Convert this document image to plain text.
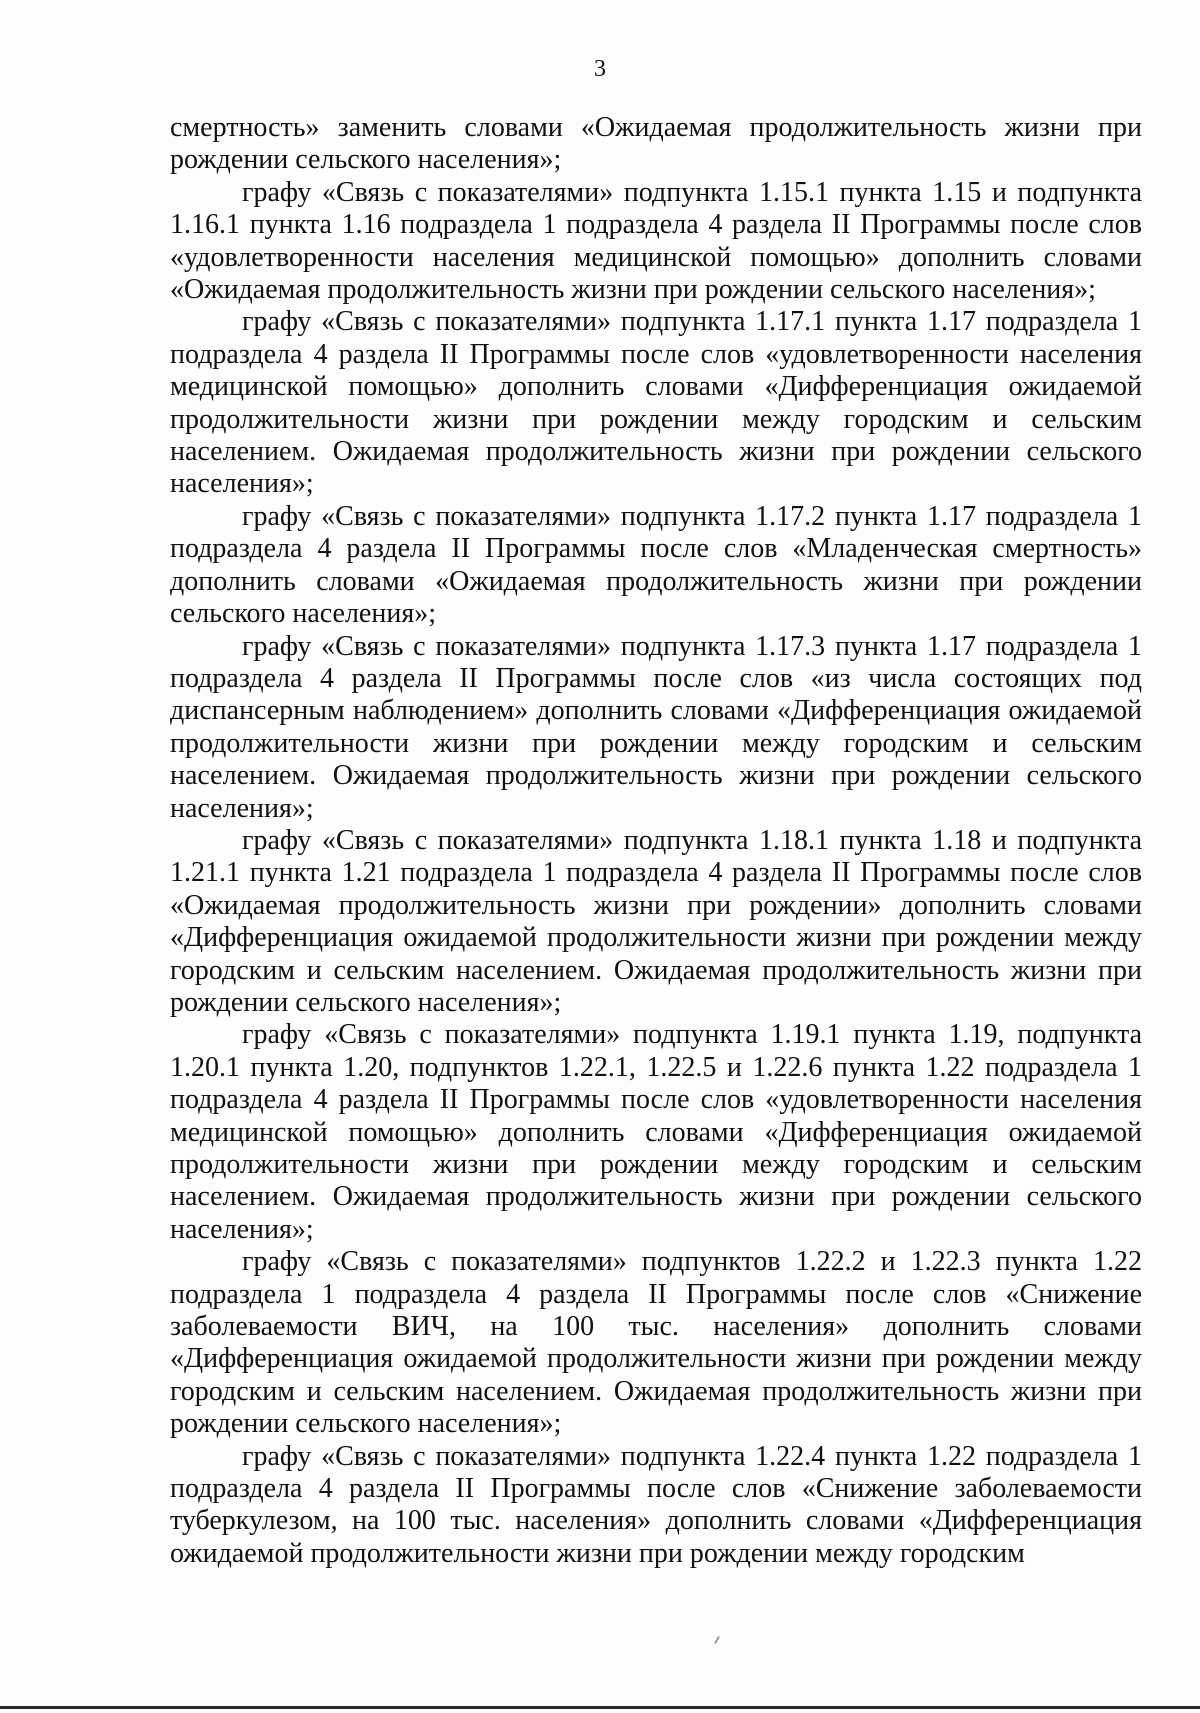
3

смертность» заменить словами «Ожидаемая продолжительность жизни при рождении сельского населения»;

графу «Связь с показателями» подпункта 1.15.1 пункта 1.15 и подпункта 1.16.1 пункта 1.16 подраздела 1 подраздела 4 раздела II Программы после слов «удовлетворенности населения медицинской помощью» дополнить словами «Ожидаемая продолжительность жизни при рождении сельского населения»;

графу «Связь с показателями» подпункта 1.17.1 пункта 1.17 подраздела 1 подраздела 4 раздела II Программы после слов «удовлетворенности населения медицинской помощью» дополнить словами «Дифференциация ожидаемой продолжительности жизни при рождении между городским и сельским населением. Ожидаемая продолжительность жизни при рождении сельского населения»;

графу «Связь с показателями» подпункта 1.17.2 пункта 1.17 подраздела 1 подраздела 4 раздела II Программы после слов «Младенческая смертность» дополнить словами «Ожидаемая продолжительность жизни при рождении сельского населения»;

графу «Связь с показателями» подпункта 1.17.3 пункта 1.17 подраздела 1 подраздела 4 раздела II Программы после слов «из числа состоящих под диспансерным наблюдением» дополнить словами «Дифференциация ожидаемой продолжительности жизни при рождении между городским и сельским населением. Ожидаемая продолжительность жизни при рождении сельского населения»;

графу «Связь с показателями» подпункта 1.18.1 пункта 1.18 и подпункта 1.21.1 пункта 1.21 подраздела 1 подраздела 4 раздела II Программы после слов «Ожидаемая продолжительность жизни при рождении» дополнить словами «Дифференциация ожидаемой продолжительности жизни при рождении между городским и сельским населением. Ожидаемая продолжительность жизни при рождении сельского населения»;

графу «Связь с показателями» подпункта 1.19.1 пункта 1.19, подпункта 1.20.1 пункта 1.20, подпунктов 1.22.1, 1.22.5 и 1.22.6 пункта 1.22 подраздела 1 подраздела 4 раздела II Программы после слов «удовлетворенности населения медицинской помощью» дополнить словами «Дифференциация ожидаемой продолжительности жизни при рождении между городским и сельским населением. Ожидаемая продолжительность жизни при рождении сельского населения»;

графу «Связь с показателями» подпунктов 1.22.2 и 1.22.3 пункта 1.22 подраздела 1 подраздела 4 раздела II Программы после слов «Снижение заболеваемости ВИЧ, на 100 тыс. населения» дополнить словами «Дифференциация ожидаемой продолжительности жизни при рождении между городским и сельским населением. Ожидаемая продолжительность жизни при рождении сельского населения»;

графу «Связь с показателями» подпункта 1.22.4 пункта 1.22 подраздела 1 подраздела 4 раздела II Программы после слов «Снижение заболеваемости туберкулезом, на 100 тыс. населения» дополнить словами «Дифференциация ожидаемой продолжительности жизни при рождении между городским
